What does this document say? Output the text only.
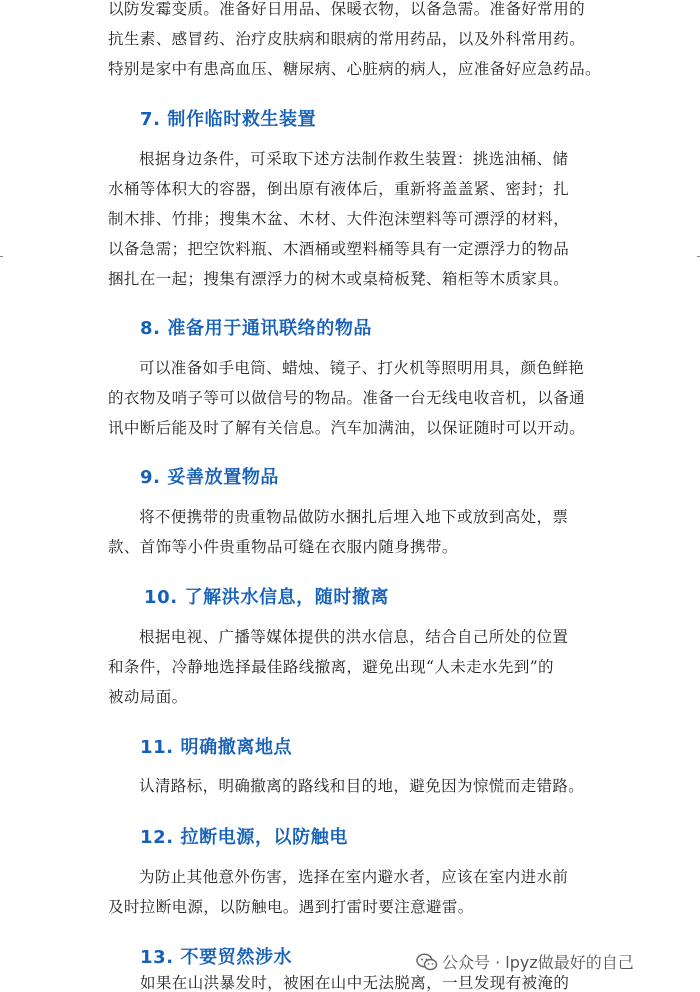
以防发霉变质。准备好日用品、保暖衣物，以备急需。准备好常用的
抗生素、感冒药、治疗皮肤病和眼病的常用药品，以及外科常用药。
特别是家中有患高血压、糖尿病、心脏病的病人，应准备好应急药品。

7. 制作临时救生装置

根据身边条件，可采取下述方法制作救生装置：挑选油桶、储
水桶等体积大的容器，倒出原有液体后，重新将盖盖紧、密封；扎
制木排、竹排；搜集木盆、木材、大件泡沫塑料等可漂浮的材料，
以备急需；把空饮料瓶、木酒桶或塑料桶等具有一定漂浮力的物品
捆扎在一起；搜集有漂浮力的树木或桌椅板凳、箱柜等木质家具。

8. 准备用于通讯联络的物品

可以准备如手电筒、蜡烛、镜子、打火机等照明用具，颜色鲜艳
的衣物及哨子等可以做信号的物品。准备一台无线电收音机，以备通
讯中断后能及时了解有关信息。汽车加满油，以保证随时可以开动。

9. 妥善放置物品

将不便携带的贵重物品做防水捆扎后埋入地下或放到高处，票
款、首饰等小件贵重物品可缝在衣服内随身携带。

10. 了解洪水信息，随时撤离

根据电视、广播等媒体提供的洪水信息，结合自己所处的位置
和条件，冷静地选择最佳路线撤离，避免出现“人未走水先到”的
被动局面。

11. 明确撤离地点

认清路标，明确撤离的路线和目的地，避免因为惊慌而走错路。

12. 拉断电源，以防触电

为防止其他意外伤害，选择在室内避水者，应该在室内进水前
及时拉断电源，以防触电。遇到打雷时要注意避雷。

13. 不要贸然涉水
如果在山洪暴发时，被困在山中无法脱离，一旦发现有被淹的
公众号 · lpyz做最好的自己
